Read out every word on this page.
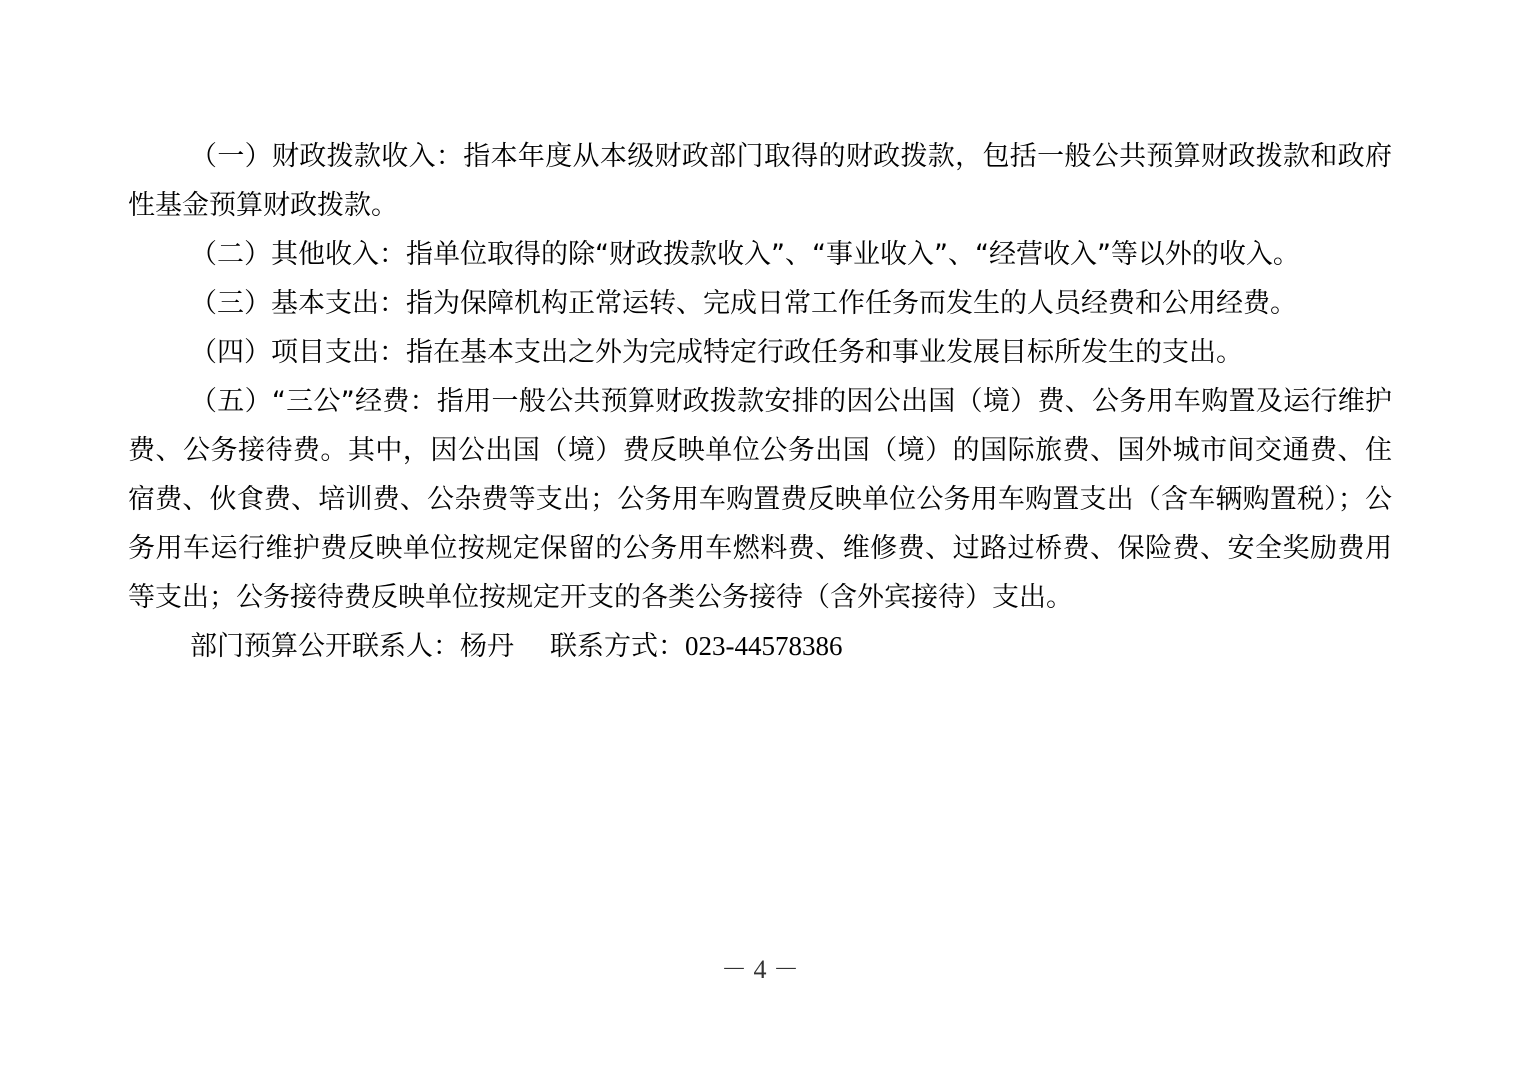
（一）财政拨款收入：指本年度从本级财政部门取得的财政拨款，包括一般公共预算财政拨款和政府性基金预算财政拨款。

（二）其他收入：指单位取得的除“财政拨款收入”、“事业收入”、“经营收入”等以外的收入。

（三）基本支出：指为保障机构正常运转、完成日常工作任务而发生的人员经费和公用经费。

（四）项目支出：指在基本支出之外为完成特定行政任务和事业发展目标所发生的支出。

（五）“三公”经费：指用一般公共预算财政拨款安排的因公出国（境）费、公务用车购置及运行维护费、公务接待费。其中，因公出国（境）费反映单位公务出国（境）的国际旅费、国外城市间交通费、住宿费、伙食费、培训费、公杂费等支出；公务用车购置费反映单位公务用车购置支出（含车辆购置税）；公务用车运行维护费反映单位按规定保留的公务用车燃料费、维修费、过路过桥费、保险费、安全奖励费用等支出；公务接待费反映单位按规定开支的各类公务接待（含外宾接待）支出。

部门预算公开联系人：杨丹 联系方式：023-44578386

－ 4 －
